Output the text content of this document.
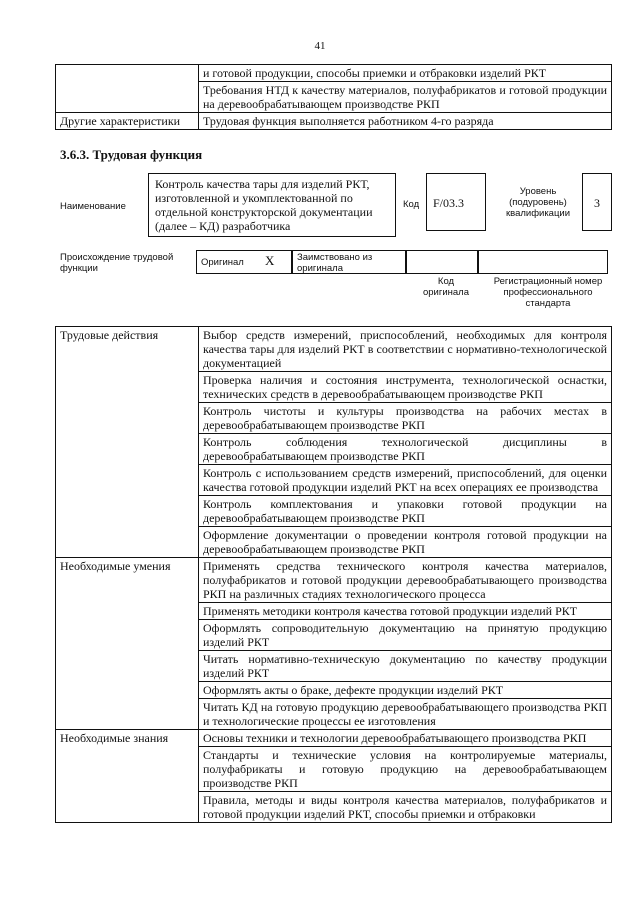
41
	и готовой продукции, способы приемки и отбраковки изделий РКТ
	Требования НТД к качеству материалов, полуфабрикатов и готовой продукции на деревообрабатывающем производстве РКП
Другие характеристики	Трудовая функция выполняется работником 4-го разряда
3.6.3. Трудовая функция
Наименование
Контроль качества тары для изделий РКТ, изготовленной и укомплектованной по отдельной конструкторской документации (далее – КД) разработчика
Код	F/03.3
Уровень (подуровень) квалификации
3
Происхождение трудовой функции
Оригинал X	Заимствовано из оригинала
Код оригинала
Регистрационный номер профессионального стандарта
Трудовые действия	Выбор средств измерений, приспособлений, необходимых для контроля качества тары для изделий РКТ в соответствии с нормативно-технологической документацией
	Проверка наличия и состояния инструмента, технологической оснастки, технических средств в деревообрабатывающем производстве РКП
	Контроль чистоты и культуры производства на рабочих местах в деревообрабатывающем производстве РКП
	Контроль соблюдения технологической дисциплины в деревообрабатывающем производстве РКП
	Контроль с использованием средств измерений, приспособлений, для оценки качества готовой продукции изделий РКТ на всех операциях ее производства
	Контроль комплектования и упаковки готовой продукции на деревообрабатывающем производстве РКП
	Оформление документации о проведении контроля готовой продукции на деревообрабатывающем производстве РКП
Необходимые умения	Применять средства технического контроля качества материалов, полуфабрикатов и готовой продукции деревообрабатывающего производства РКП на различных стадиях технологического процесса
	Применять методики контроля качества готовой продукции изделий РКТ
	Оформлять сопроводительную документацию на принятую продукцию изделий РКТ
	Читать нормативно-техническую документацию по качеству продукции изделий РКТ
	Оформлять акты о браке, дефекте продукции изделий РКТ
	Читать КД на готовую продукцию деревообрабатывающего производства РКП и технологические процессы ее изготовления
Необходимые знания	Основы техники и технологии деревообрабатывающего производства РКП
	Стандарты и технические условия на контролируемые материалы, полуфабрикаты и готовую продукцию на деревообрабатывающем производстве РКП
	Правила, методы и виды контроля качества материалов, полуфабрикатов и готовой продукции изделий РКТ, способы приемки и отбраковки
